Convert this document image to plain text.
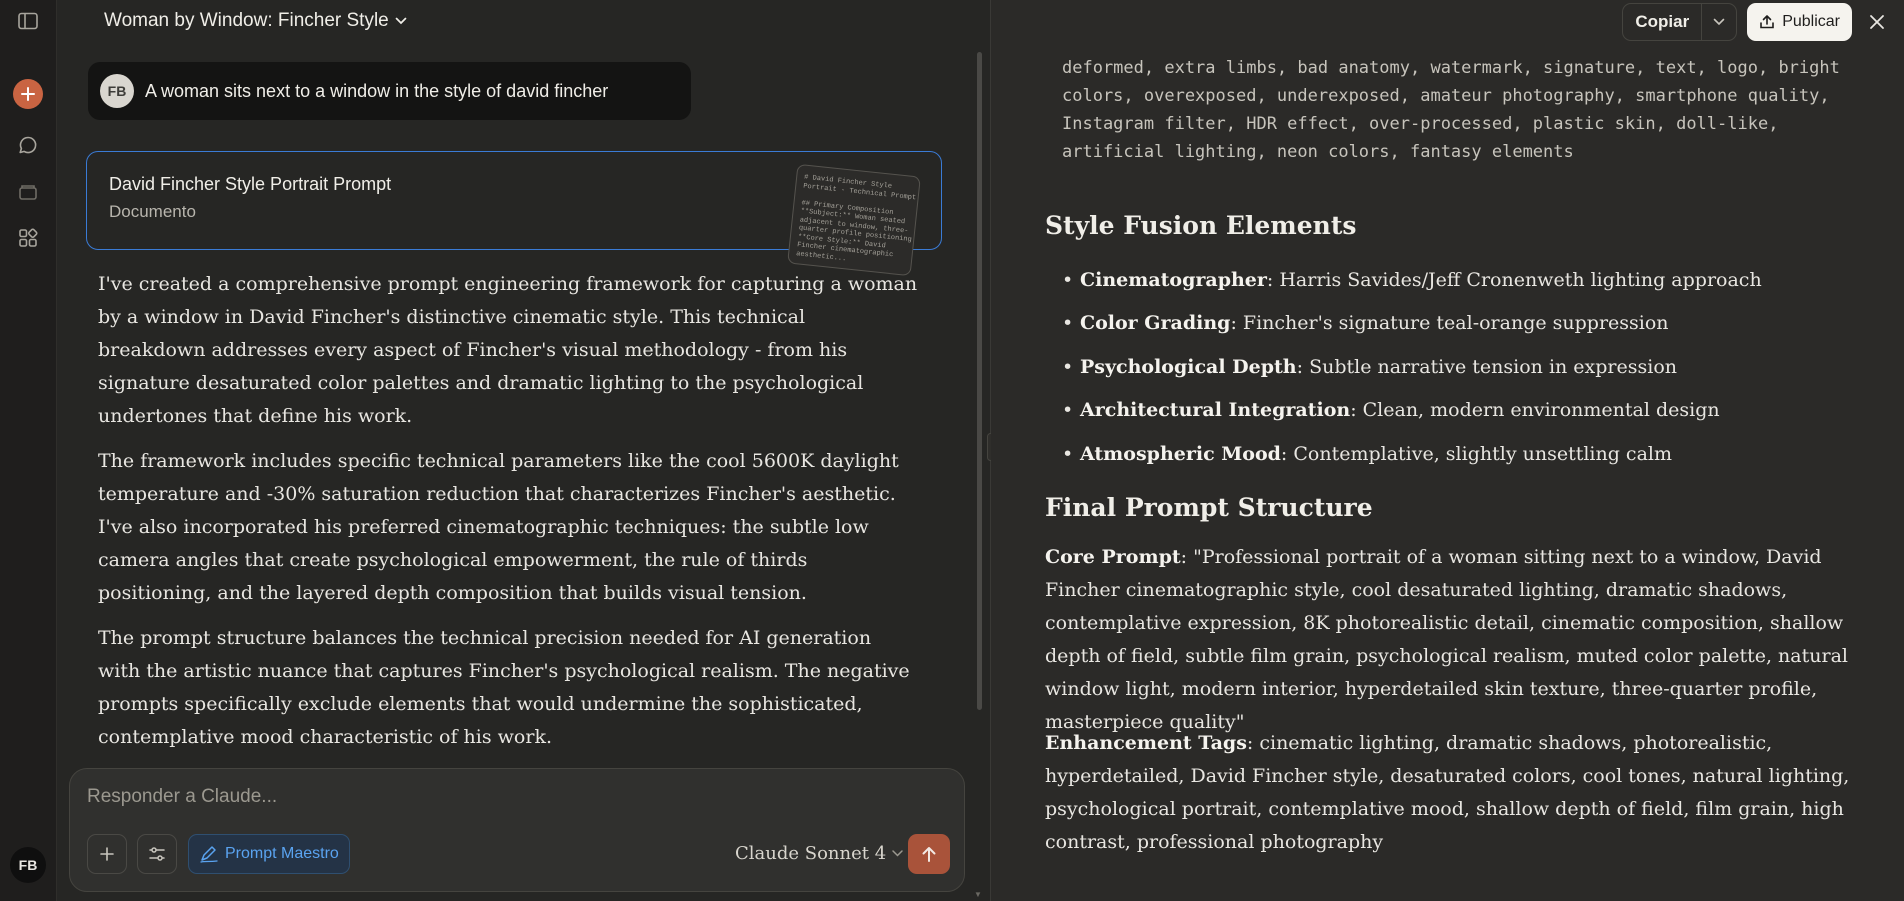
FB
Woman by Window: Fincher Style
FB	A woman sits next to a window in the style of david fincher
David Fincher Style Portrait Prompt
Documento
# David Fincher Style
Portrait - Technical Prompt

## Primary Composition
**Subject:** Woman seated
adjacent to window, three-
quarter profile positioning
**Core Style:** David
Fincher cinematographic
aesthetic...

I've created a comprehensive prompt engineering framework for capturing a woman by a window in David Fincher's distinctive cinematic style. This technical breakdown addresses every aspect of Fincher's visual methodology - from his signature desaturated color palettes and dramatic lighting to the psychological undertones that define his work.

The framework includes specific technical parameters like the cool 5600K daylight temperature and -30% saturation reduction that characterizes Fincher's aesthetic. I've also incorporated his preferred cinematographic techniques: the subtle low camera angles that create psychological empowerment, the rule of thirds positioning, and the layered depth composition that builds visual tension.

The prompt structure balances the technical precision needed for AI generation with the artistic nuance that captures Fincher's psychological realism. The negative prompts specifically exclude elements that would undermine the sophisticated, contemplative mood characteristic of his work.

▼
Responder a Claude...
Prompt Maestro	Claude Sonnet 4
Copiar	Publicar
deformed, extra limbs, bad anatomy, watermark, signature, text, logo, bright colors, overexposed, underexposed, amateur photography, smartphone quality, Instagram filter, HDR effect, over-processed, plastic skin, doll-like, artificial lighting, neon colors, fantasy elements
Style Fusion Elements
• Cinematographer : Harris Savides/Jeff Cronenweth lighting approach
• Color Grading : Fincher's signature teal-orange suppression
• Psychological Depth : Subtle narrative tension in expression
• Architectural Integration : Clean, modern environmental design
• Atmospheric Mood : Contemplative, slightly unsettling calm
Final Prompt Structure
Core Prompt: "Professional portrait of a woman sitting next to a window, David Fincher cinematographic style, cool desaturated lighting, dramatic shadows, contemplative expression, 8K photorealistic detail, cinematic composition, shallow depth of field, subtle film grain, psychological realism, muted color palette, natural window light, modern interior, hyperdetailed skin texture, three-quarter profile, masterpiece quality"
Enhancement Tags: cinematic lighting, dramatic shadows, photorealistic, hyperdetailed, David Fincher style, desaturated colors, cool tones, natural lighting, psychological portrait, contemplative mood, shallow depth of field, film grain, high contrast, professional photography
